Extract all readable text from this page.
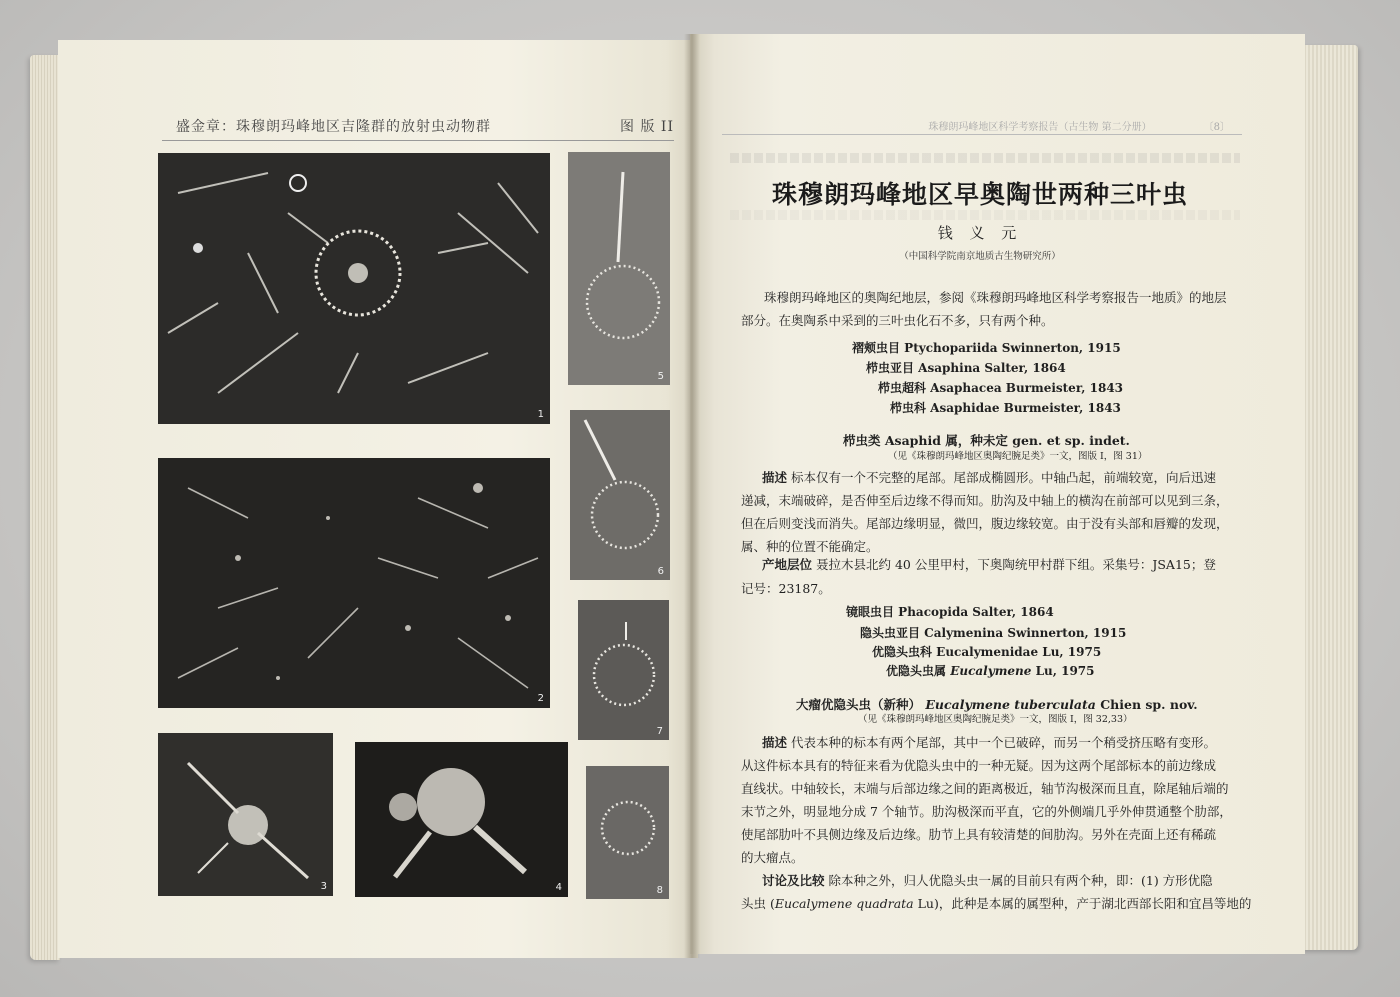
盛金章：珠穆朗玛峰地区吉隆群的放射虫动物群	图 版 II
1
2
3	4
5
6
7
8
珠穆朗玛峰地区科学考察报告（古生物 第二分册）	〔8〕
珠穆朗玛峰地区早奥陶世两种三叶虫
钱 义 元
（中国科学院南京地质古生物研究所）
珠穆朗玛峰地区的奥陶纪地层，参阅《珠穆朗玛峰地区科学考察报告一地质》的地层
部分。在奥陶系中采到的三叶虫化石不多，只有两个种。
褶颊虫目 Ptychopariida Swinnerton, 1915
栉虫亚目 Asaphina Salter, 1864
栉虫超科 Asaphacea Burmeister, 1843
栉虫科 Asaphidae Burmeister, 1843
栉虫类 Asaphid 属，种未定 gen. et sp. indet.
（见《珠穆朗玛峰地区奥陶纪腕足类》一文，图版 I，图 31）
描述 标本仅有一个不完整的尾部。尾部成椭圆形。中轴凸起，前端较宽，向后迅速
递减，末端破碎，是否伸至后边缘不得而知。肋沟及中轴上的横沟在前部可以见到三条，
但在后则变浅而消失。尾部边缘明显，微凹，腹边缘较宽。由于没有头部和唇瓣的发现，
属、种的位置不能确定。
产地层位 聂拉木县北约 40 公里甲村，下奥陶统甲村群下组。采集号：JSA15；登
记号：23187。
镜眼虫目 Phacopida Salter, 1864
隐头虫亚目 Calymenina Swinnerton, 1915
优隐头虫科 Eucalymenidae Lu, 1975
优隐头虫属 Eucalymene Lu, 1975
大瘤优隐头虫（新种） Eucalymene tuberculata Chien sp. nov.
（见《珠穆朗玛峰地区奥陶纪腕足类》一文，图版 I，图 32,33）
描述 代表本种的标本有两个尾部，其中一个已破碎，而另一个稍受挤压略有变形。
从这件标本具有的特征来看为优隐头虫中的一种无疑。因为这两个尾部标本的前边缘成
直线状。中轴较长，末端与后部边缘之间的距离极近，轴节沟极深而且直，除尾轴后端的
末节之外，明显地分成 7 个轴节。肋沟极深而平直，它的外侧端几乎外伸贯通整个肋部，
使尾部肋叶不具侧边缘及后边缘。肋节上具有较清楚的间肋沟。另外在壳面上还有稀疏
的大瘤点。
讨论及比较 除本种之外，归人优隐头虫一属的目前只有两个种，即：(1) 方形优隐
头虫 (Eucalymene quadrata Lu)，此种是本属的属型种，产于湖北西部长阳和宜昌等地的
